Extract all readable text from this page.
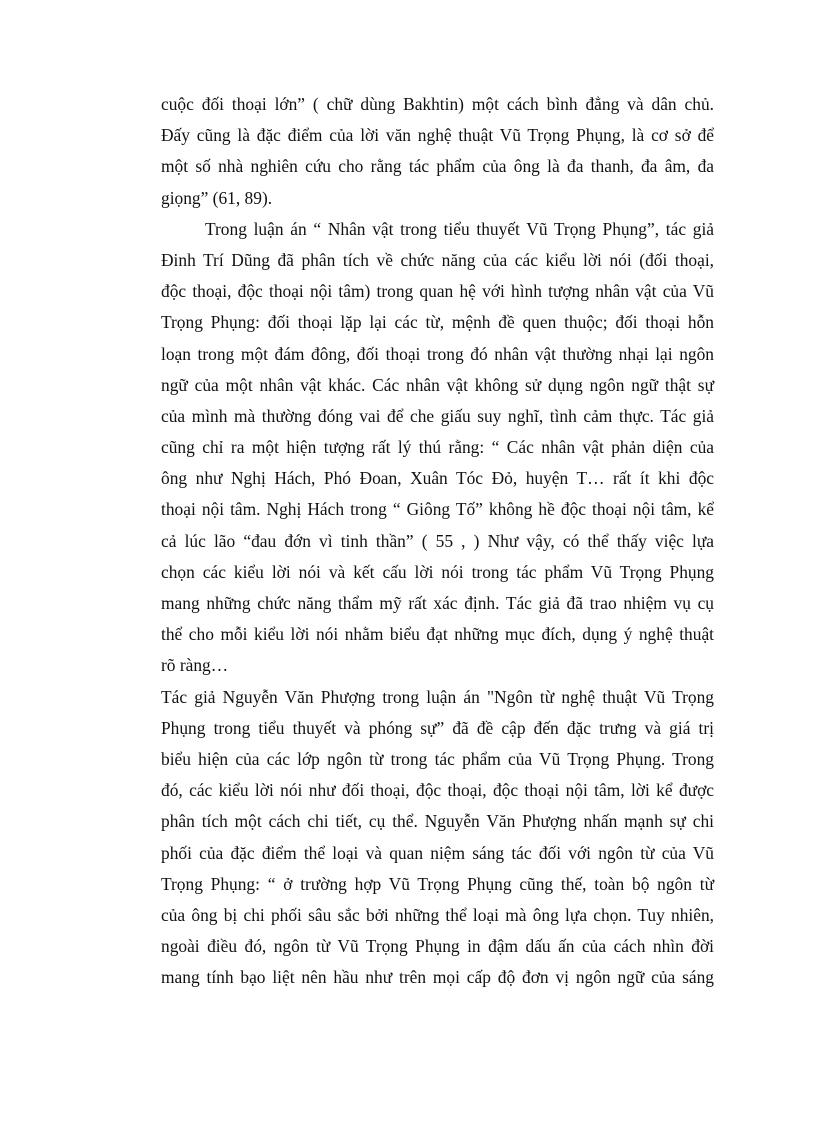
cuộc đối thoại lớn” ( chữ dùng Bakhtin) một cách bình đẳng và dân chủ.
Đấy cũng là đặc điểm của lời văn nghệ thuật Vũ Trọng Phụng, là cơ sở để
một số nhà nghiên cứu cho rằng tác phẩm của ông là đa thanh, đa âm, đa
giọng” (61, 89).
Trong luận án “ Nhân vật trong tiểu thuyết Vũ Trọng Phụng”, tác giả
Đinh Trí Dũng đã phân tích về chức năng của các kiểu lời nói (đối thoại,
độc thoại, độc thoại nội tâm) trong quan hệ với hình tượng nhân vật của Vũ
Trọng Phụng: đối thoại lặp lại các từ, mệnh đề quen thuộc; đối thoại hỗn
loạn trong một đám đông, đối thoại trong đó nhân vật thường nhại lại ngôn
ngữ của một nhân vật khác. Các nhân vật không sử dụng ngôn ngữ thật sự
của mình mà thường đóng vai để che giấu suy nghĩ, tình cảm thực. Tác giả
cũng chỉ ra một hiện tượng rất lý thú rằng: “ Các nhân vật phản diện của
ông như Nghị Hách, Phó Đoan, Xuân Tóc Đỏ, huyện T… rất ít khi độc
thoại nội tâm. Nghị Hách trong “ Giông Tố” không hề độc thoại nội tâm, kể
cả lúc lão “đau đớn vì tinh thần” ( 55 , ) Như vậy, có thể thấy việc lựa
chọn các kiểu lời nói và kết cấu lời nói trong tác phẩm Vũ Trọng Phụng
mang những chức năng thẩm mỹ rất xác định. Tác giả đã trao nhiệm vụ cụ
thể cho mỗi kiểu lời nói nhằm biểu đạt những mục đích, dụng ý nghệ thuật
rõ ràng…
Tác giả Nguyễn Văn Phượng trong luận án "Ngôn từ nghệ thuật Vũ Trọng
Phụng trong tiểu thuyết và phóng sự” đã đề cập đến đặc trưng và giá trị
biểu hiện của các lớp ngôn từ trong tác phẩm của Vũ Trọng Phụng. Trong
đó, các kiểu lời nói như đối thoại, độc thoại, độc thoại nội tâm, lời kể được
phân tích một cách chi tiết, cụ thể. Nguyễn Văn Phượng nhấn mạnh sự chi
phối của đặc điểm thể loại và quan niệm sáng tác đối với ngôn từ của Vũ
Trọng Phụng: “ ở trường hợp Vũ Trọng Phụng cũng thế, toàn bộ ngôn từ
của ông bị chi phối sâu sắc bởi những thể loại mà ông lựa chọn. Tuy nhiên,
ngoài điều đó, ngôn từ Vũ Trọng Phụng in đậm dấu ấn của cách nhìn đời
mang tính bạo liệt nên hầu như trên mọi cấp độ đơn vị ngôn ngữ của sáng
